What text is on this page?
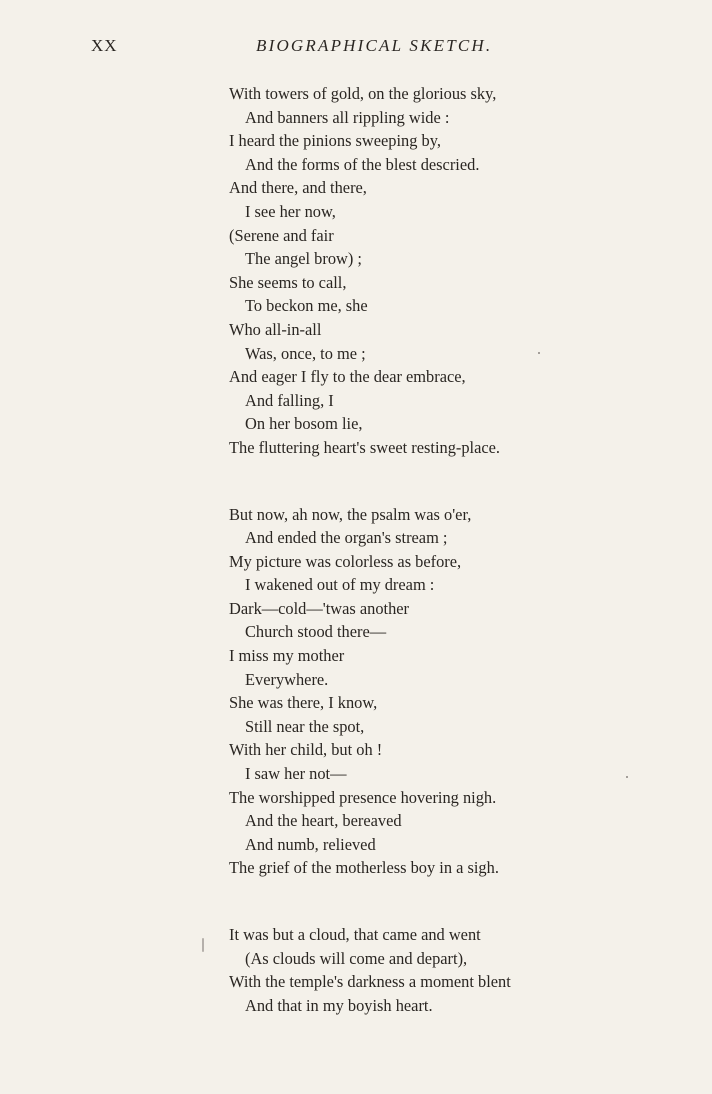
XX	BIOGRAPHICAL SKETCH.
With towers of gold, on the glorious sky,
And banners all rippling wide :
I heard the pinions sweeping by,
And the forms of the blest descried.
And there, and there,
I see her now,
(Serene and fair
The angel brow) ;
She seems to call,
To beckon me, she
Who all-in-all
Was, once, to me ;
And eager I fly to the dear embrace,
And falling, I
On her bosom lie,
The fluttering heart's sweet resting-place.
But now, ah now, the psalm was o'er,
And ended the organ's stream ;
My picture was colorless as before,
I wakened out of my dream :
Dark—cold—'twas another
Church stood there—
I miss my mother
Everywhere.
She was there, I know,
Still near the spot,
With her child, but oh !
I saw her not—
The worshipped presence hovering nigh.
And the heart, bereaved
And numb, relieved
The grief of the motherless boy in a sigh.
It was but a cloud, that came and went
(As clouds will come and depart),
With the temple's darkness a moment blent
And that in my boyish heart.
